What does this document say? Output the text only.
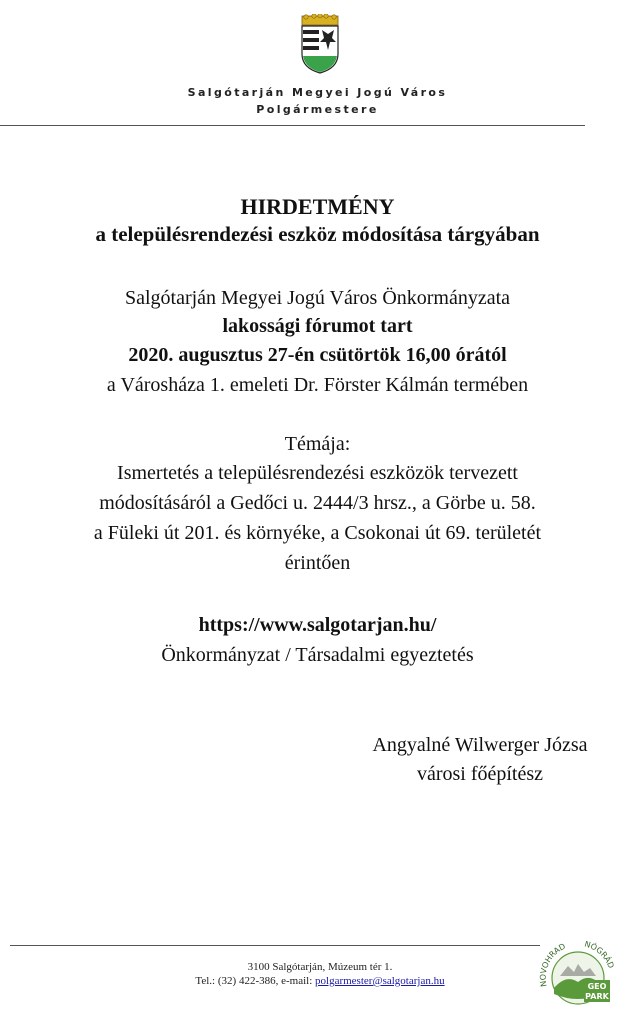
Salgótarján Megyei Jogú Város
Polgármestere
HIRDETMÉNY
a településrendezési eszköz módosítása tárgyában
Salgótarján Megyei Jogú Város Önkormányzata
lakossági fórumot tart
2020. augusztus 27-én csütörtök 16,00 órától
a Városháza 1. emeleti Dr. Förster Kálmán termében
Témája:
Ismertetés a településrendezési eszközök tervezett
módosításáról a Gedőci u. 2444/3 hrsz., a Görbe u. 58.
a Füleki út 201. és környéke, a Csokonai út 69. területét
érintően
https://www.salgotarjan.hu/
Önkormányzat / Társadalmi egyeztetés
Angyalné Wilwerger Józsa
városi főépítész
3100 Salgótarján, Múzeum tér 1.
Tel.: (32) 422-386, e-mail: polgarmester@salgotarjan.hu	NOVOHRAD NÓGRÁD
GEO
PARK
